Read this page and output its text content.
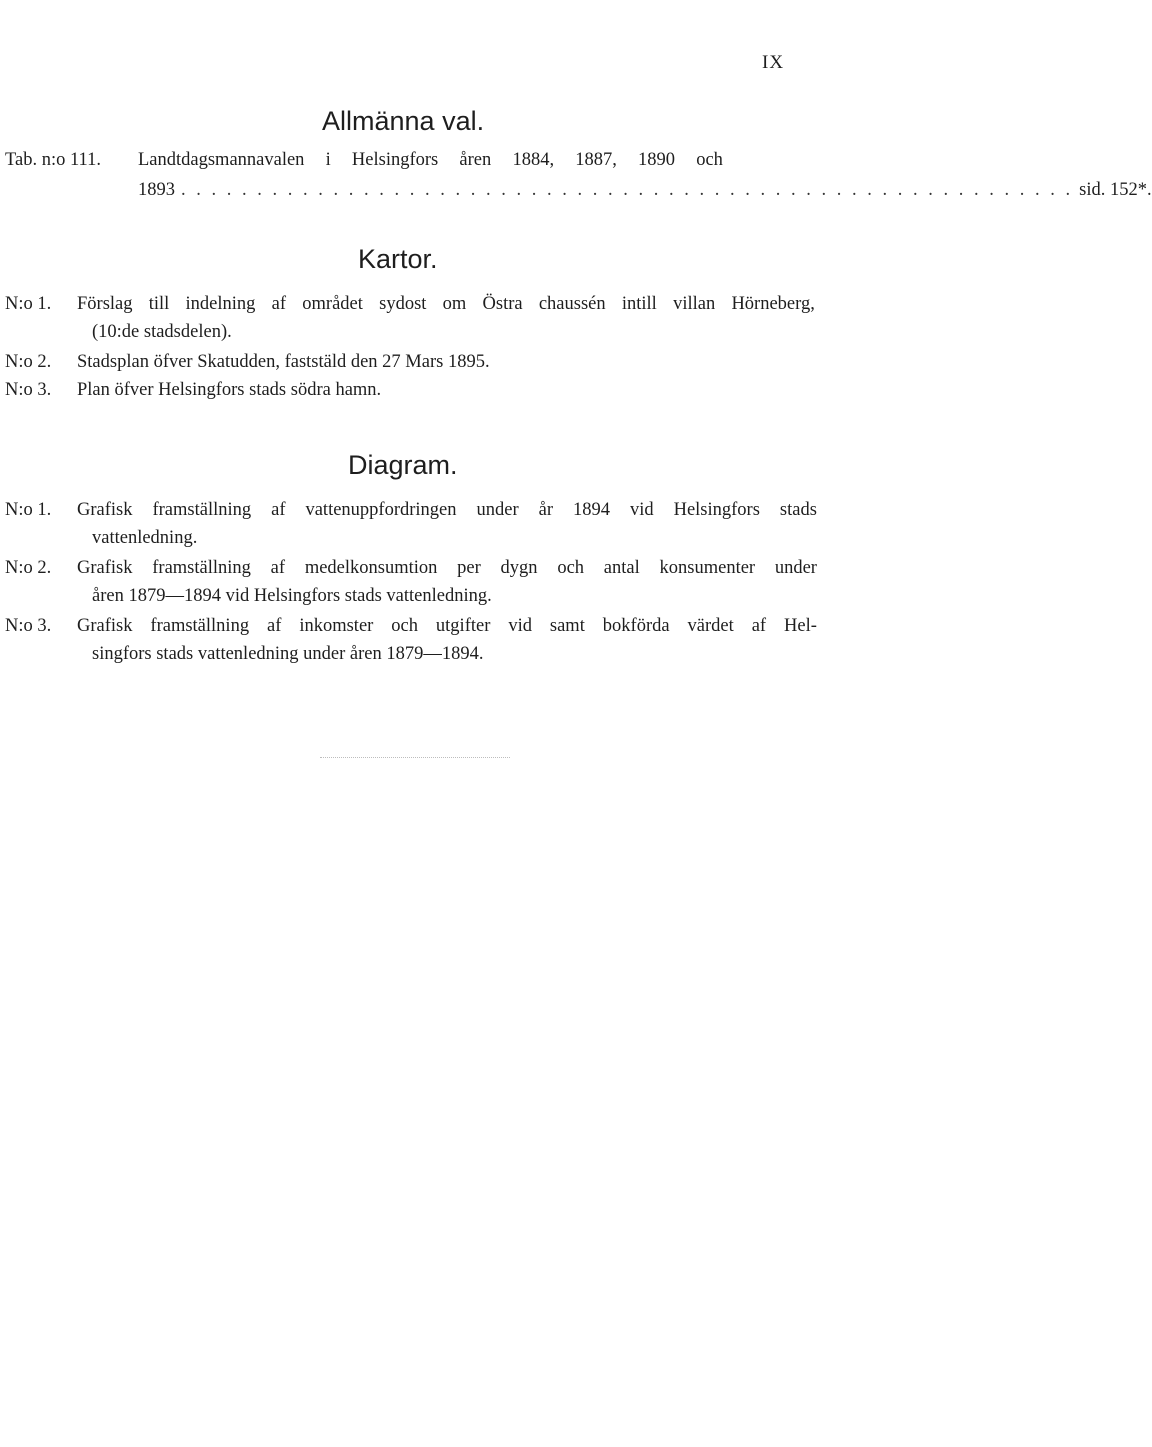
IX
Allmänna val.
Tab. n:o 111. Landtdagsmannavalen i Helsingfors åren 1884, 1887, 1890 och
1893 . . . . . . . . . . . . . . . . . . . . . . . . . . . . . . . . . . . . . . . . . . . . . . . . . . . . . . . . . . . sid. 152*.
Kartor.
N:o 1. Förslag till indelning af området sydost om Östra chaussén intill villan Hörneberg,
(10:de stadsdelen).
N:o 2. Stadsplan öfver Skatudden, faststäld den 27 Mars 1895.
N:o 3. Plan öfver Helsingfors stads södra hamn.
Diagram.
N:o 1. Grafisk framställning af vattenuppfordringen under år 1894 vid Helsingfors stads
vattenledning.
N:o 2. Grafisk framställning af medelkonsumtion per dygn och antal konsumenter under
åren 1879—1894 vid Helsingfors stads vattenledning.
N:o 3. Grafisk framställning af inkomster och utgifter vid samt bokförda värdet af Hel-
singfors stads vattenledning under åren 1879—1894.
